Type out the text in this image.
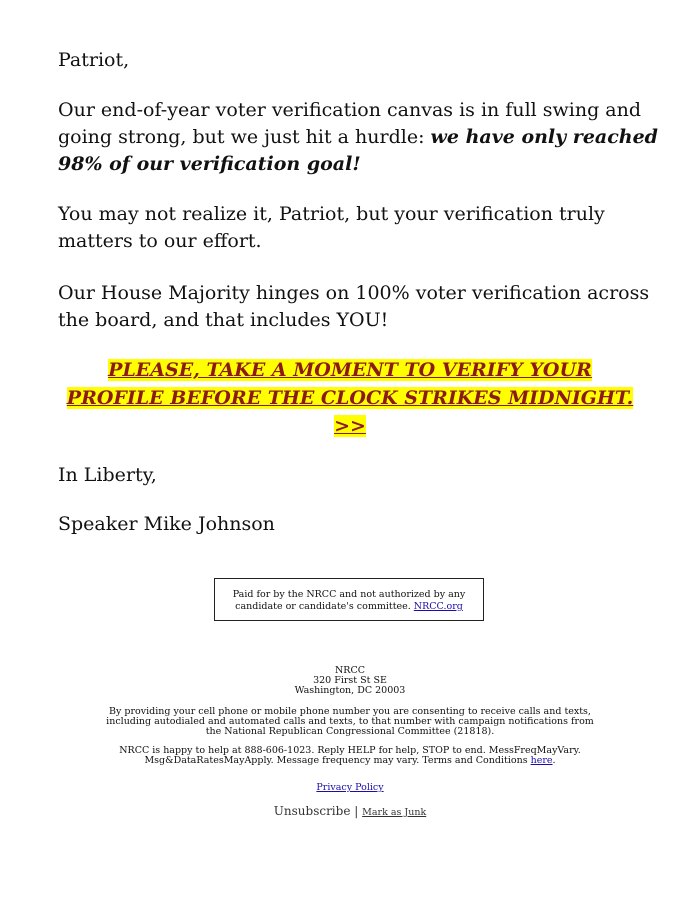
Patriot,

Our end-of-year voter verification canvas is in full swing and going strong, but we just hit a hurdle: we have only reached 98% of our verification goal!

You may not realize it, Patriot, but your verification truly matters to our effort.

Our House Majority hinges on 100% voter verification across the board, and that includes YOU!

PLEASE, TAKE A MOMENT TO VERIFY YOUR
PROFILE BEFORE THE CLOCK STRIKES MIDNIGHT.
>>

In Liberty,

Speaker Mike Johnson

Paid for by the NRCC and not authorized by any candidate or candidate's committee. NRCC.org
NRCC
320 First St SE
Washington, DC 20003
By providing your cell phone or mobile phone number you are consenting to receive calls and texts, including autodialed and automated calls and texts, to that number with campaign notifications from the National Republican Congressional Committee (21818).
NRCC is happy to help at 888-606-1023. Reply HELP for help, STOP to end. MessFreqMayVary. Msg&DataRatesMayApply. Message frequency may vary. Terms and Conditions here.
Privacy Policy
Unsubscribe | Mark as Junk
